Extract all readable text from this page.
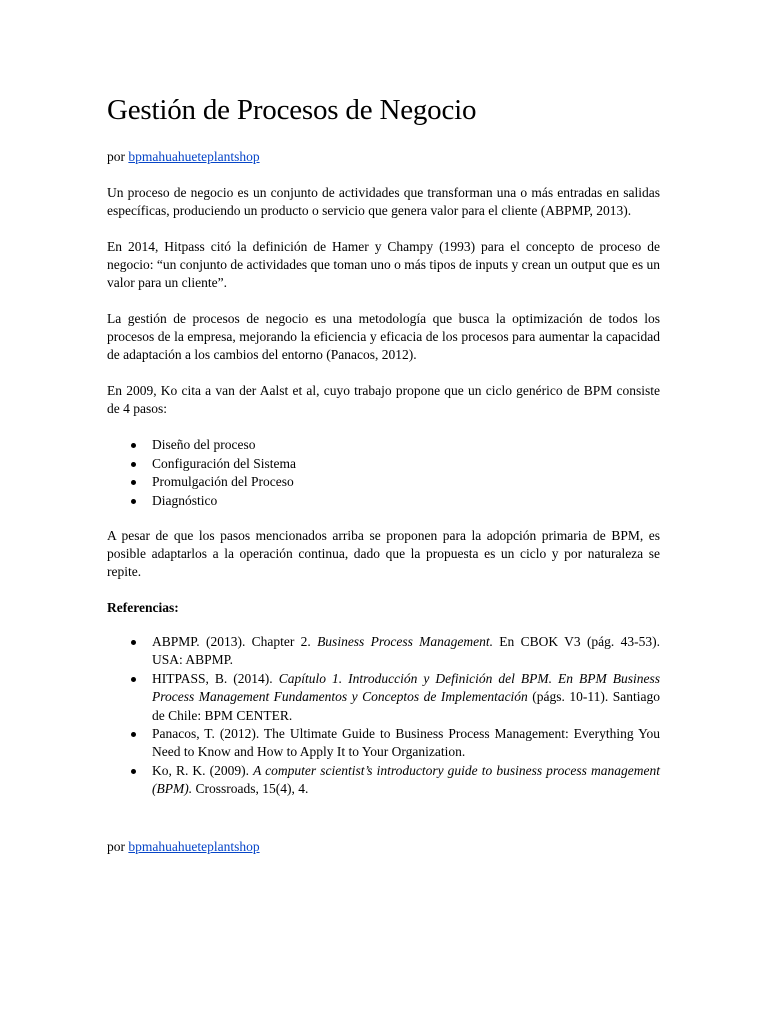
Gestión de Procesos de Negocio
por bpmahuahueteplantshop

Un proceso de negocio es un conjunto de actividades que transforman una o más entradas en salidas específicas, produciendo un producto o servicio que genera valor para el cliente (ABPMP, 2013).

En 2014, Hitpass citó la definición de Hamer y Champy (1993) para el concepto de proceso de negocio: “un conjunto de actividades que toman uno o más tipos de inputs y crean un output que es un valor para un cliente”.

La gestión de procesos de negocio es una metodología que busca la optimización de todos los procesos de la empresa, mejorando la eficiencia y eficacia de los procesos para aumentar la capacidad de adaptación a los cambios del entorno (Panacos, 2012).

En 2009, Ko cita a van der Aalst et al, cuyo trabajo propone que un ciclo genérico de BPM consiste de 4 pasos:

Diseño del proceso
Configuración del Sistema
Promulgación del Proceso
Diagnóstico

A pesar de que los pasos mencionados arriba se proponen para la adopción primaria de BPM, es posible adaptarlos a la operación continua, dado que la propuesta es un ciclo y por naturaleza se repite.

Referencias:

ABPMP. (2013). Chapter 2. Business Process Management. En CBOK V3 (pág. 43-53). USA: ABPMP.
HITPASS, B. (2014). Capítulo 1. Introducción y Definición del BPM. En BPM Business Process Management Fundamentos y Conceptos de Implementación (págs. 10-11). Santiago de Chile: BPM CENTER.
Panacos, T. (2012). The Ultimate Guide to Business Process Management: Everything You Need to Know and How to Apply It to Your Organization.
Ko, R. K. (2009). A computer scientist’s introductory guide to business process management (BPM). Crossroads, 15(4), 4.
por bpmahuahueteplantshop
